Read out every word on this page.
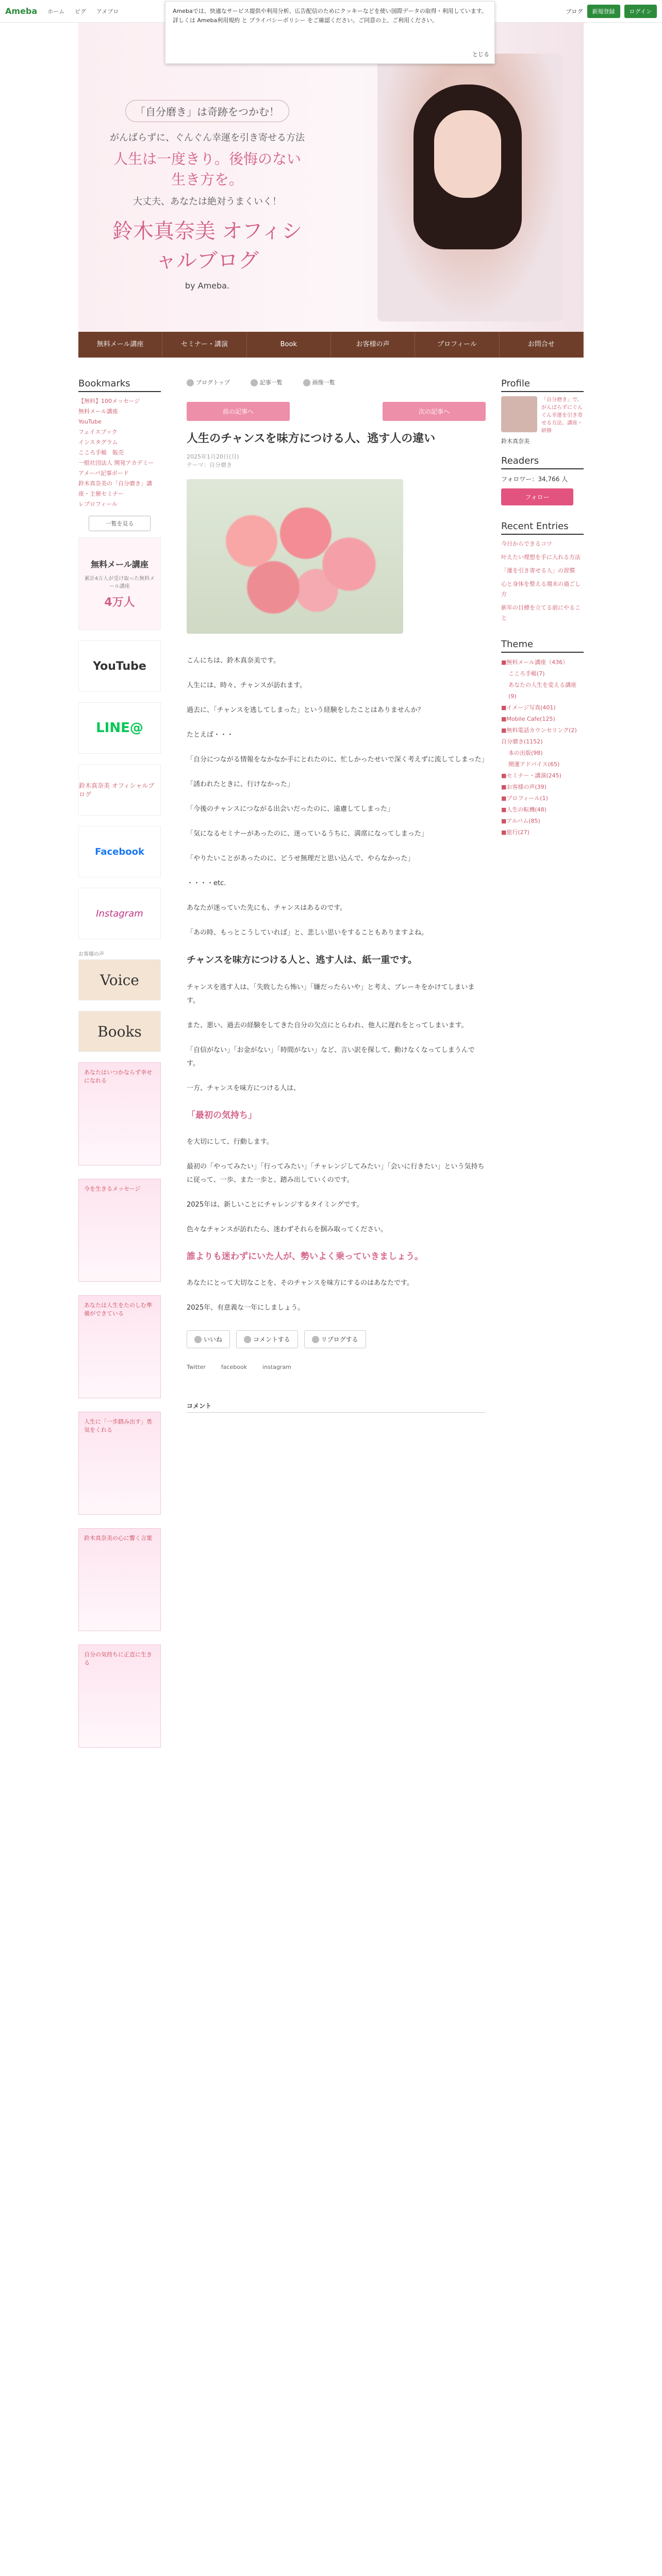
Ameba ホーム ピグ アメブロ	ブログ	新規登録	ログイン
Amebaでは、快適なサービス提供や利用分析、広告配信のためにクッキーなどを使い国際データの取得・利用しています。詳しくは Ameba利用規約 と プライバシーポリシー をご確認ください。ご同意の上、ご利用ください。
とじる
「自分磨き」は奇跡をつかむ！
がんばらずに、ぐんぐん幸運を引き寄せる方法
人生は一度きり。後悔のない生き方を。
大丈夫、あなたは絶対うまくいく！
鈴木真奈美 オフィシャルブログ
by Ameba.
無料メール講座	セミナー・講演	Book	お客様の声	プロフィール	お問合せ
Bookmarks
【無料】100メッセージ
無料メール講座
YouTube
フェイスブック
インスタグラム
こころ手帳　販売
一般社団法人 開発アカデミー
アメーバ記事ボード
鈴木真奈美の「自分磨き」講座・主催セミナー
レプロフィール
一覧を見る
無料メール講座
累計4万人が受け取った無料メール講座
4万人
YouTube
LINE@
鈴木真奈美 オフィシャルブログ
Facebook
Instagram
お客様の声
Voice
Books
あなたはいつかならず幸せになれる
今を生きるメッセージ
あなたは人生をたのしむ準備ができている
人生に「一歩踏み出す」勇気をくれる
鈴木真奈美の心に響く言葉
自分の気持ちに正直に生きる
ブログトップ	記事一覧	画像一覧
前の記事へ	次の記事へ
人生のチャンスを味方につける人、逃す人の違い
2025年1月20日(月)
テーマ：自分磨き

こんにちは、鈴木真奈美です。

人生には、時々、チャンスが訪れます。

過去に、「チャンスを逃してしまった」という経験をしたことはありませんか？

たとえば・・・

「自分につながる情報をなかなか手にとれたのに、忙しかったせいで深く考えずに流してしまった」

「誘われたときに、行けなかった」

「今後のチャンスにつながる出会いだったのに、遠慮してしまった」

「気になるセミナーがあったのに、迷っているうちに、満席になってしまった」

「やりたいことがあったのに、どうせ無理だと思い込んで、やらなかった」

・・・・etc.

あなたが迷っていた先にも、チャンスはあるのです。

「あの時、もっとこうしていれば」と、悲しい思いをすることもありますよね。

チャンスを味方につける人と、逃す人は、紙一重です。

チャンスを逃す人は、「失敗したら怖い」「嫌だったらいや」と考え、ブレーキをかけてしまいます。

また、悪い、過去の経験をしてきた自分の欠点にとらわれ、他人に遅れをとってしまいます。

「自信がない」「お金がない」「時間がない」など、言い訳を探して、動けなくなってしまうんです。

一方、チャンスを味方につける人は、

「最初の気持ち」

を大切にして、行動します。

最初の「やってみたい」「行ってみたい」「チャレンジしてみたい」「会いに行きたい」という気持ちに従って、一歩、また一歩と、踏み出していくのです。

2025年は、新しいことにチャレンジするタイミングです。

色々なチャンスが訪れたら、迷わずそれらを掴み取ってください。

誰よりも迷わずにいた人が、勢いよく乗っていきましょう。

あなたにとって大切なことを、そのチャンスを味方にするのはあなたです。

2025年、有意義な一年にしましょう。

いいね	コメントする	リブログする
Twitter	facebook	instagram
コメント
Profile
「自分磨き」で、がんばらずにぐんぐん幸運を引き寄せる方法、講座・研修
鈴木真奈美
Readers
フォロワー：34,766 人
フォロー
Recent Entries
今日からできるコツ
叶えたい理想を手に入れる方法
「運を引き寄せる人」の習慣
心と身体を整える週末の過ごし方
新年の目標を立てる前にやること
Theme
■無料メール講座（436）
こころ手帳(7)
あなたの人生を変える講座(9)
■イメージ写真(401)
■Mobile Cafe(125)
■無料電話カウンセリング(2)
自分磨き(1152)
本の出版(98)
開運アドバイス(65)
■セミナー・講演(245)
■お客様の声(39)
■プロフィール(1)
■人生の転機(48)
■アルバム(85)
■旅行(27)
